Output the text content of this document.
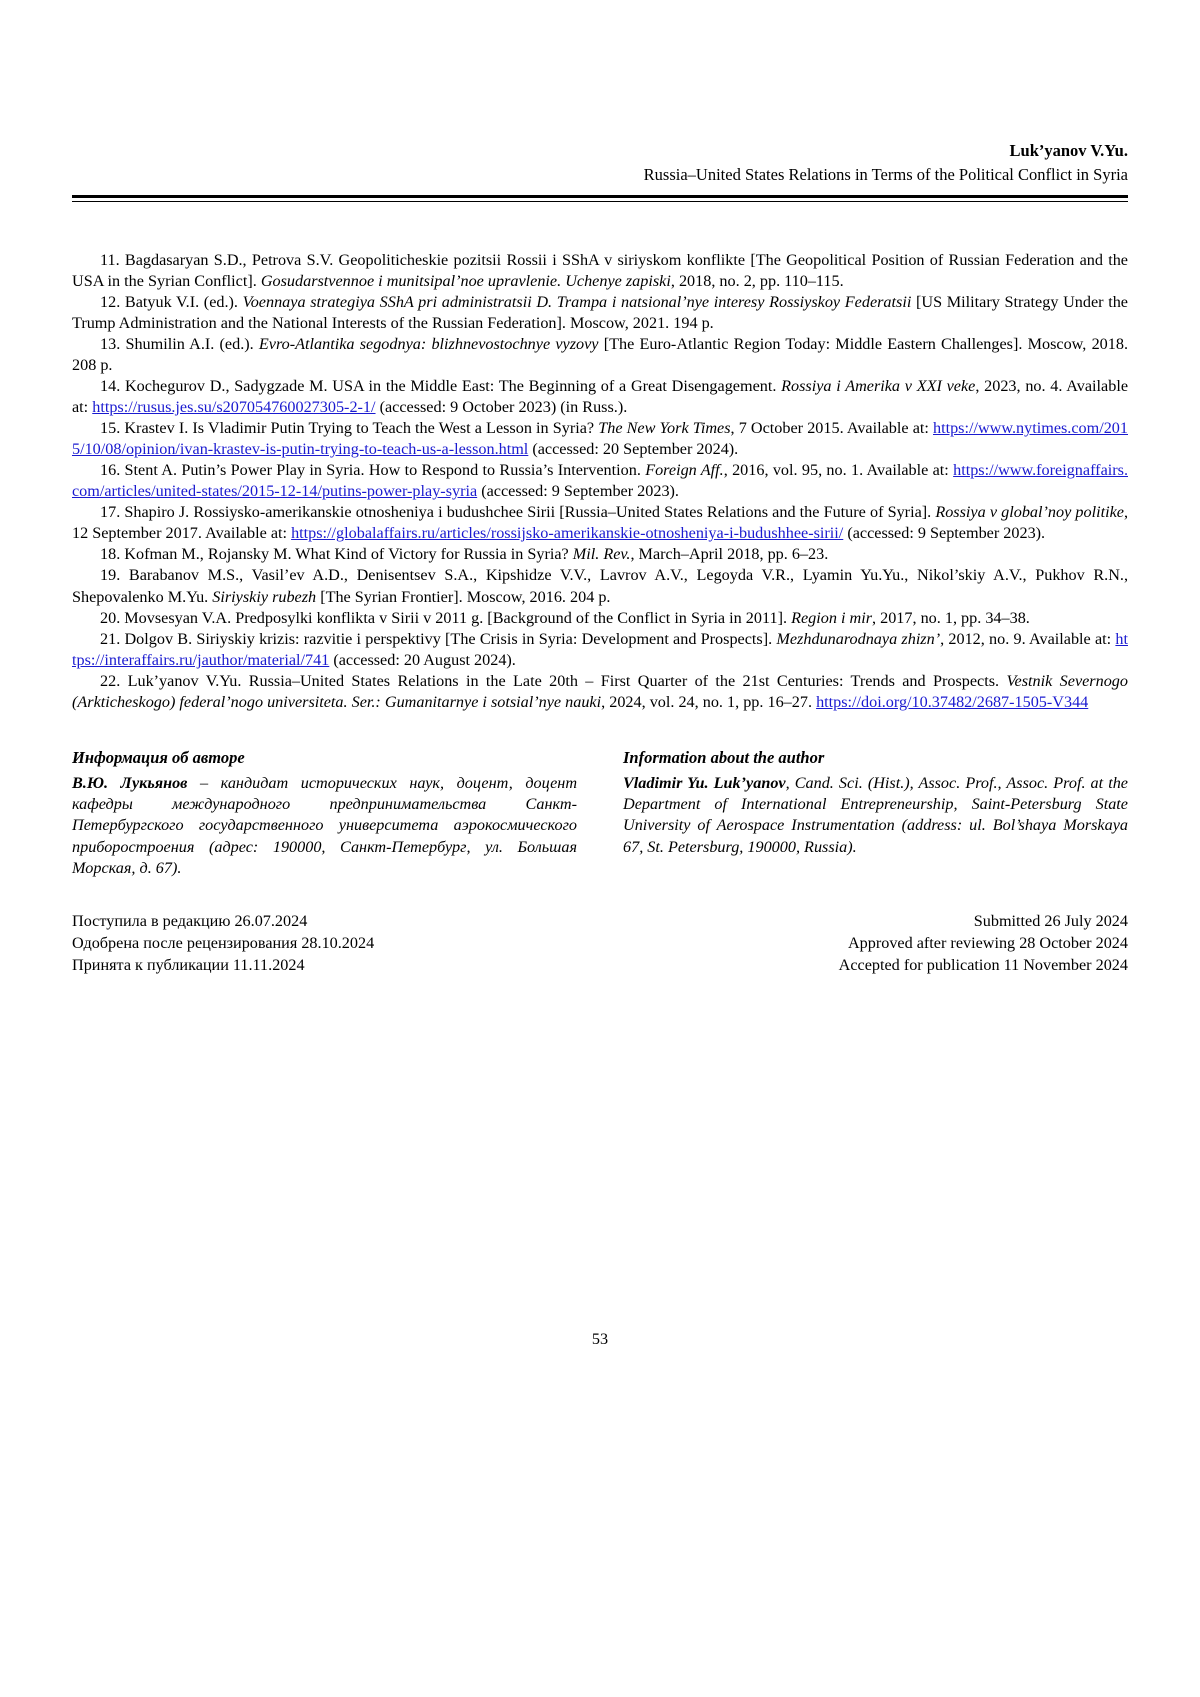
Luk’yanov V.Yu.
Russia–United States Relations in Terms of the Political Conflict in Syria

11. Bagdasaryan S.D., Petrova S.V. Geopoliticheskie pozitsii Rossii i SShA v siriyskom konflikte [The Geopolitical Position of Russian Federation and the USA in the Syrian Conflict]. Gosudarstvennoe i munitsipal’noe upravlenie. Uchenye zapiski, 2018, no. 2, pp. 110–115.

12. Batyuk V.I. (ed.). Voennaya strategiya SShA pri administratsii D. Trampa i natsional’nye interesy Rossiyskoy Federatsii [US Military Strategy Under the Trump Administration and the National Interests of the Russian Federation]. Moscow, 2021. 194 p.

13. Shumilin A.I. (ed.). Evro-Atlantika segodnya: blizhnevostochnye vyzovy [The Euro-Atlantic Region Today: Middle Eastern Challenges]. Moscow, 2018. 208 p.

14. Kochegurov D., Sadygzade M. USA in the Middle East: The Beginning of a Great Disengagement. Rossiya i Amerika v XXI veke, 2023, no. 4. Available at: https://rusus.jes.su/s207054760027305-2-1/ (accessed: 9 October 2023) (in Russ.).

15. Krastev I. Is Vladimir Putin Trying to Teach the West a Lesson in Syria? The New York Times, 7 October 2015. Available at: https://www.nytimes.com/2015/10/08/opinion/ivan-krastev-is-putin-trying-to-teach-us-a-lesson.html (accessed: 20 September 2024).

16. Stent A. Putin’s Power Play in Syria. How to Respond to Russia’s Intervention. Foreign Aff., 2016, vol. 95, no. 1. Available at: https://www.foreignaffairs.com/articles/united-states/2015-12-14/putins-power-play-syria (accessed: 9 September 2023).

17. Shapiro J. Rossiysko-amerikanskie otnosheniya i budushchee Sirii [Russia–United States Relations and the Future of Syria]. Rossiya v global’noy politike, 12 September 2017. Available at: https://globalaffairs.ru/articles/rossijsko-amerikanskie-otnosheniya-i-budushhee-sirii/ (accessed: 9 September 2023).

18. Kofman M., Rojansky M. What Kind of Victory for Russia in Syria? Mil. Rev., March–April 2018, pp. 6–23.

19. Barabanov M.S., Vasil’ev A.D., Denisentsev S.A., Kipshidze V.V., Lavrov A.V., Legoyda V.R., Lyamin Yu.Yu., Nikol’skiy A.V., Pukhov R.N., Shepovalenko M.Yu. Siriyskiy rubezh [The Syrian Frontier]. Moscow, 2016. 204 p.

20. Movsesyan V.A. Predposylki konflikta v Sirii v 2011 g. [Background of the Conflict in Syria in 2011]. Region i mir, 2017, no. 1, pp. 34–38.

21. Dolgov B. Siriyskiy krizis: razvitie i perspektivy [The Crisis in Syria: Development and Prospects]. Mezhdunarodnaya zhizn’, 2012, no. 9. Available at: https://interaffairs.ru/jauthor/material/741 (accessed: 20 August 2024).

22. Luk’yanov V.Yu. Russia–United States Relations in the Late 20th – First Quarter of the 21st Centuries: Trends and Prospects. Vestnik Severnogo (Arkticheskogo) federal’nogo universiteta. Ser.: Gumanitarnye i sotsial’nye nauki, 2024, vol. 24, no. 1, pp. 16–27. https://doi.org/10.37482/2687-1505-V344

Информация об авторе

В.Ю. Лукьянов – кандидат исторических наук, доцент, доцент кафедры международного предпринимательства Санкт-Петербургского государственного университета аэрокосмического приборостроения (адрес: 190000, Санкт-Петербург, ул. Большая Морская, д. 67).

Information about the author

Vladimir Yu. Luk’yanov, Cand. Sci. (Hist.), Assoc. Prof., Assoc. Prof. at the Department of International Entrepreneurship, Saint-Petersburg State University of Aerospace Instrumentation (address: ul. Bol’shaya Morskaya 67, St. Petersburg, 190000, Russia).

Поступила в редакцию 26.07.2024
Одобрена после рецензирования 28.10.2024
Принята к публикации 11.11.2024
Submitted 26 July 2024
Approved after reviewing 28 October 2024
Accepted for publication 11 November 2024
53
